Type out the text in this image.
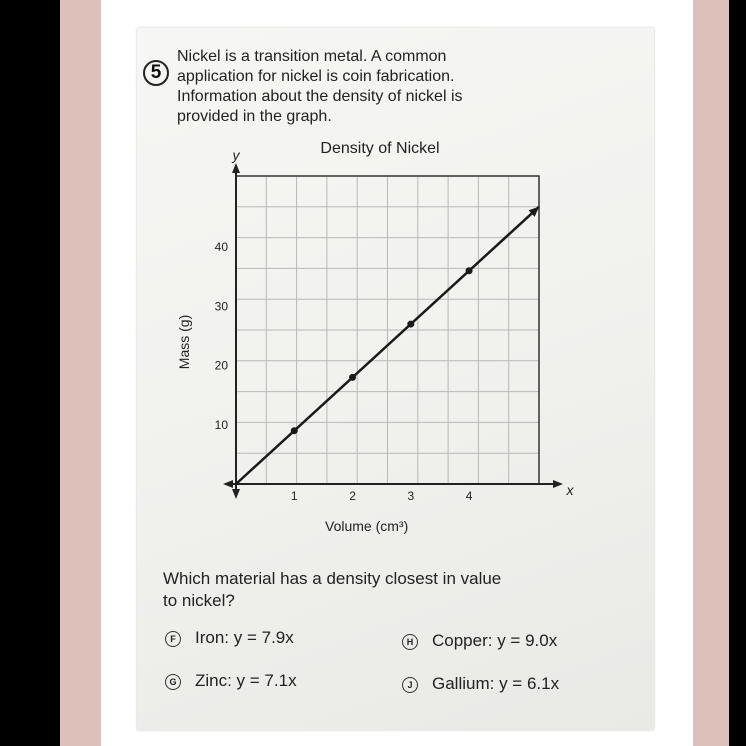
5
Nickel is a transition metal. A common
application for nickel is coin fabrication.
Information about the density of nickel is
provided in the graph.
1	2	3	4
10
20
30
40
Density of Nickel
Volume (cm³)
Mass (g)
y
x
Which material has a density closest in value
to nickel?
F Iron: y = 7.9x	H Copper: y = 9.0x
G Zinc: y = 7.1x	J Gallium: y = 6.1x
